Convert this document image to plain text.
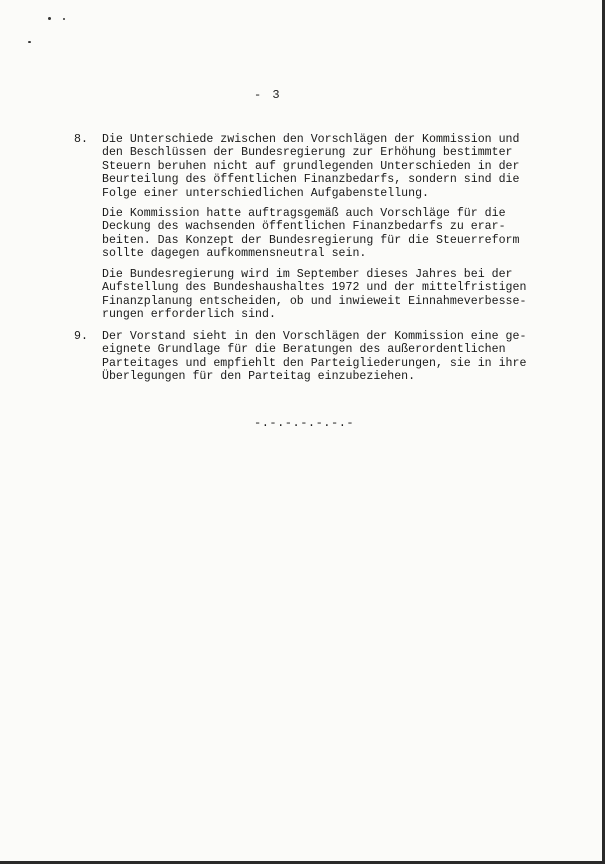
- 3
8. Die Unterschiede zwischen den Vorschlägen der Kommission und
den Beschlüssen der Bundesregierung zur Erhöhung bestimmter
Steuern beruhen nicht auf grundlegenden Unterschieden in der
Beurteilung des öffentlichen Finanzbedarfs, sondern sind die
Folge einer unterschiedlichen Aufgabenstellung.
Die Kommission hatte auftragsgemäß auch Vorschläge für die
Deckung des wachsenden öffentlichen Finanzbedarfs zu erar-
beiten. Das Konzept der Bundesregierung für die Steuerreform
sollte dagegen aufkommensneutral sein.
Die Bundesregierung wird im September dieses Jahres bei der
Aufstellung des Bundeshaushaltes 1972 und der mittelfristigen
Finanzplanung entscheiden, ob und inwieweit Einnahmeverbesse-
rungen erforderlich sind.
9. Der Vorstand sieht in den Vorschlägen der Kommission eine ge-
eignete Grundlage für die Beratungen des außerordentlichen
Parteitages und empfiehlt den Parteigliederungen, sie in ihre
Überlegungen für den Parteitag einzubeziehen.
-.-.-.-.-.-.-
